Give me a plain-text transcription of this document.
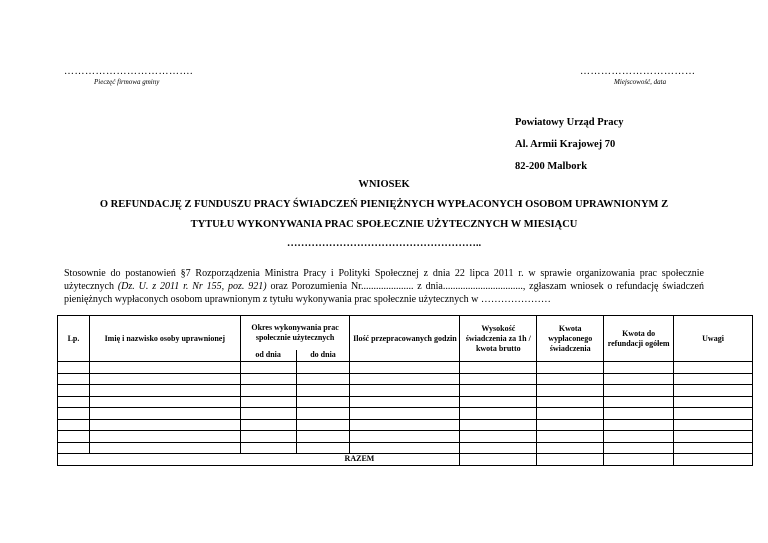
……………………………….
Pieczęć firmowa gminy
……………………………
Miejscowość, data
Powiatowy Urząd Pracy
Al. Armii Krajowej 70
82-200 Malbork
WNIOSEK
O REFUNDACJĘ Z FUNDUSZU PRACY ŚWIADCZEŃ PIENIĘŻNYCH WYPŁACONYCH OSOBOM UPRAWNIONYM Z
TYTUŁU WYKONYWANIA PRAC SPOŁECZNIE UŻYTECZNYCH W MIESIĄCU
………………………………………………..
Stosownie do postanowień §7 Rozporządzenia Ministra Pracy i Polityki Społecznej z dnia 22 lipca 2011 r. w sprawie organizowania prac społecznie użytecznych (Dz. U. z 2011 r. Nr 155, poz. 921) oraz Porozumienia Nr..................... z dnia................................, zgłaszam wniosek o refundację świadczeń pieniężnych wypłaconych osobom uprawnionym z tytułu wykonywania prac społecznie użytecznych w …………………
Lp.	Imię i nazwisko osoby uprawnionej	Okres wykonywania prac społecznie użytecznych		Ilość przepracowanych godzin	Wysokość świadczenia za 1h / kwota brutto	Kwota wypłaconego świadczenia	Kwota do refundacji ogółem	Uwagi
		od dnia	do dnia					

RAZEM								
